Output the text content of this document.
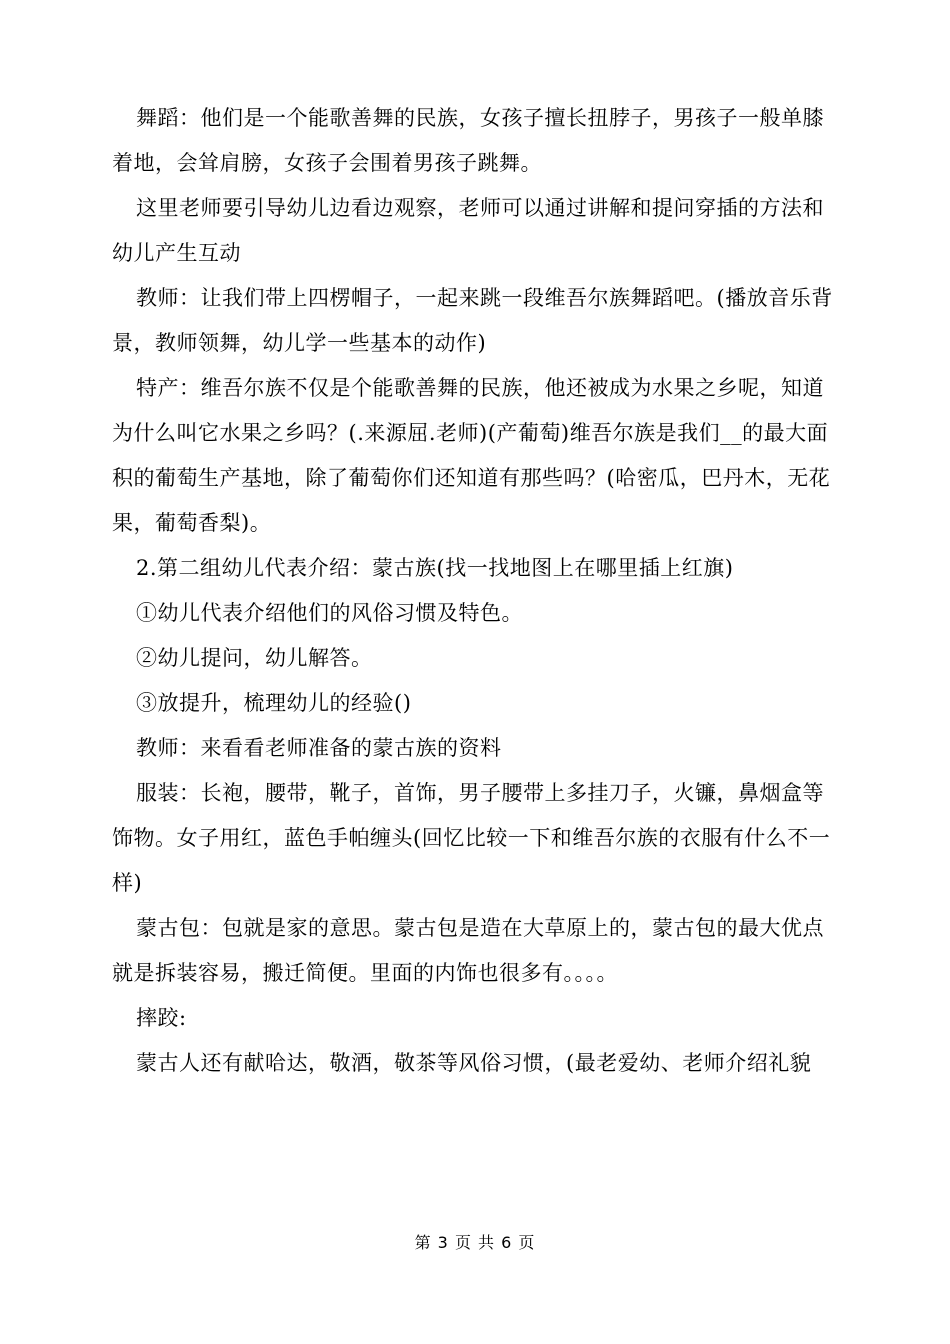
舞蹈：他们是一个能歌善舞的民族，女孩子擅长扭脖子，男孩子一般单膝着地，会耸肩膀，女孩子会围着男孩子跳舞。

这里老师要引导幼儿边看边观察，老师可以通过讲解和提问穿插的方法和幼儿产生互动

教师：让我们带上四楞帽子，一起来跳一段维吾尔族舞蹈吧。(播放音乐背景，教师领舞，幼儿学一些基本的动作)

特产：维吾尔族不仅是个能歌善舞的民族，他还被成为水果之乡呢，知道为什么叫它水果之乡吗？(.来源屈.老师)(产葡萄)维吾尔族是我们__的最大面积的葡萄生产基地，除了葡萄你们还知道有那些吗？(哈密瓜，巴丹木，无花果，葡萄香梨)。

2.第二组幼儿代表介绍：蒙古族(找一找地图上在哪里插上红旗)

①幼儿代表介绍他们的风俗习惯及特色。

②幼儿提问，幼儿解答。

③放提升，梳理幼儿的经验()

教师：来看看老师准备的蒙古族的资料

服装：长袍，腰带，靴子，首饰，男子腰带上多挂刀子，火镰，鼻烟盒等饰物。女子用红，蓝色手帕缠头(回忆比较一下和维吾尔族的衣服有什么不一样)

蒙古包：包就是家的意思。蒙古包是造在大草原上的，蒙古包的最大优点就是拆装容易，搬迁简便。里面的内饰也很多有。。。。

摔跤:

蒙古人还有献哈达，敬酒，敬茶等风俗习惯，(最老爱幼、老师介绍礼貌

第 3 页 共 6 页
